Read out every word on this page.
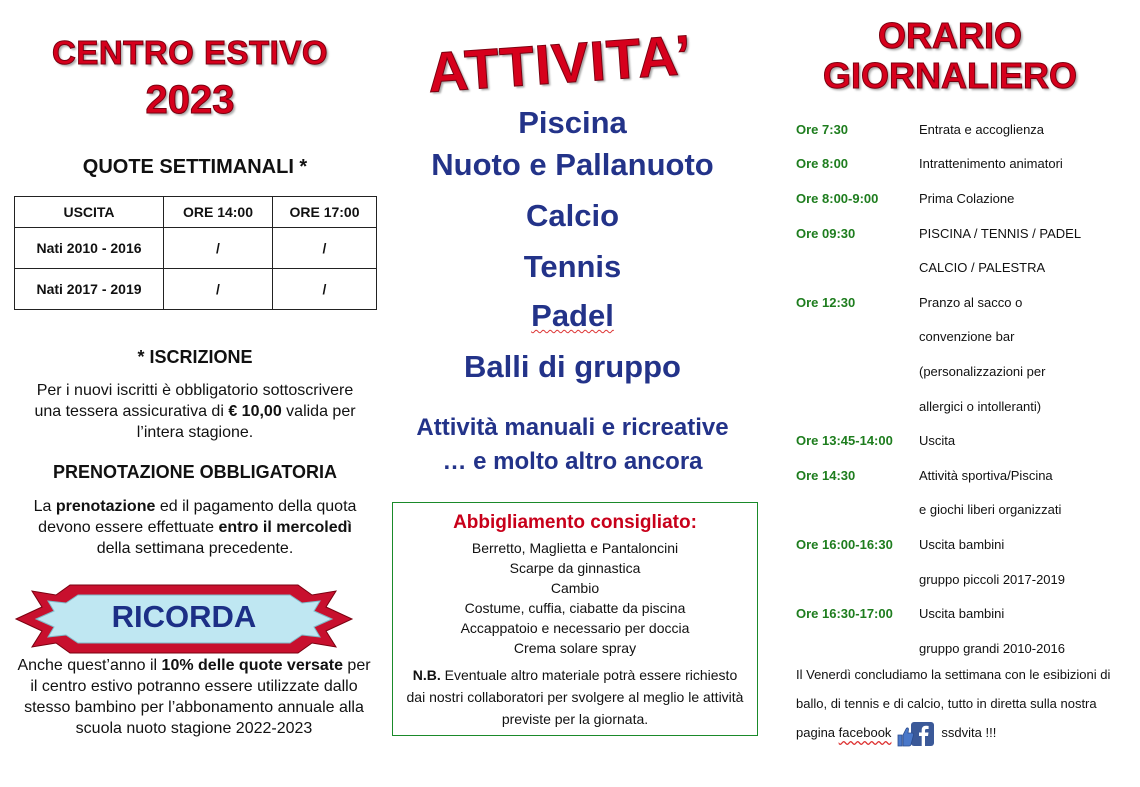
CENTRO ESTIVO
2023
QUOTE SETTIMANALI *
USCITA	ORE 14:00	ORE 17:00
Nati 2010 - 2016	/	/
Nati 2017 - 2019	/	/
* ISCRIZIONE
Per i nuovi iscritti è obbligatorio sottoscrivere una tessera assicurativa di € 10,00 valida per l’intera stagione.
PRENOTAZIONE OBBLIGATORIA
La prenotazione ed il pagamento della quota devono essere effettuate entro il mercoledì della settimana precedente.
RICORDA
Anche quest’anno il 10% delle quote versate per il centro estivo potranno essere utilizzate dallo stesso bambino per l’abbonamento annuale alla scuola nuoto stagione 2022-2023
ATTIVITA’
Piscina
Nuoto e Pallanuoto
Calcio
Tennis
Padel
Balli di gruppo
Attività manuali e ricreative
… e molto altro ancora
Abbigliamento consigliato:
Berretto, Maglietta e Pantaloncini
Scarpe da ginnastica
Cambio
Costume, cuffia, ciabatte da piscina
Accappatoio e necessario per doccia
Crema solare spray
N.B. Eventuale altro materiale potrà essere richiesto dai nostri collaboratori per svolgere al meglio le attività previste per la giornata.
ORARIO
GIORNALIERO
Ore 7:30	Entrata e accoglienza
Ore 8:00	Intrattenimento animatori
Ore 8:00-9:00	Prima Colazione
Ore 09:30	PISCINA / TENNIS / PADEL
CALCIO / PALESTRA
Ore 12:30	Pranzo al sacco o
convenzione bar
(personalizzazioni per
allergici o intolleranti)
Ore 13:45-14:00	Uscita
Ore 14:30	Attività sportiva/Piscina
e giochi liberi organizzati
Ore 16:00-16:30	Uscita bambini
gruppo piccoli 2017-2019
Ore 16:30-17:00	Uscita bambini
gruppo grandi 2010-2016
Il Venerdì concludiamo la settimana con le esibizioni di ballo, di tennis e di calcio, tutto in diretta sulla nostra pagina facebook	ssdvita !!!
